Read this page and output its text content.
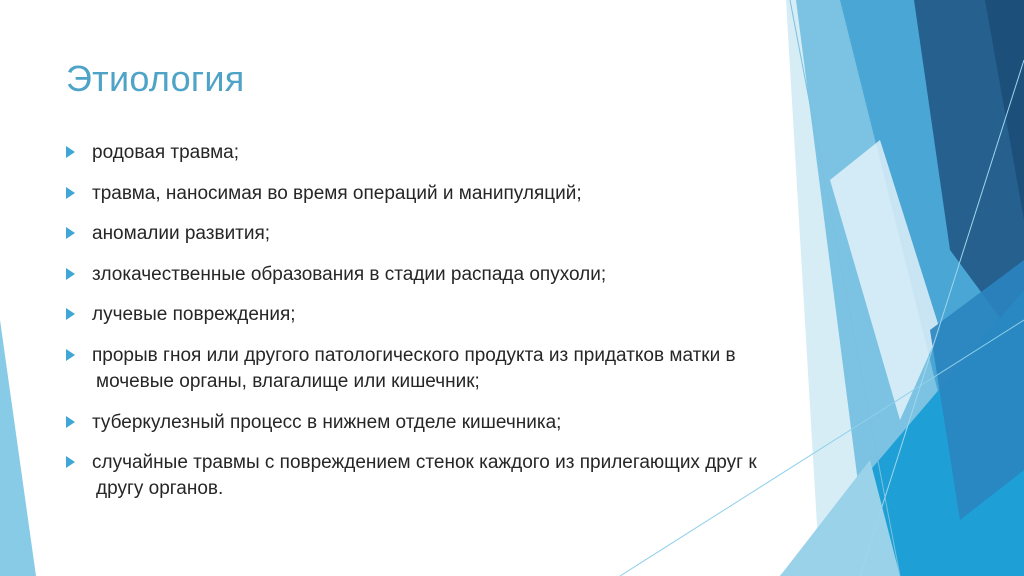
Этиология
родовая травма;
травма, наносимая во время операций и манипуляций;
аномалии развития;
злокачественные образования в стадии распада опухоли;
лучевые повреждения;
прорыв гноя или другого патологического продукта из придатков матки в мочевые органы, влагалище или кишечник;
туберкулезный процесс в нижнем отделе кишечника;
случайные травмы с повреждением стенок каждого из прилегающих друг к другу органов.
